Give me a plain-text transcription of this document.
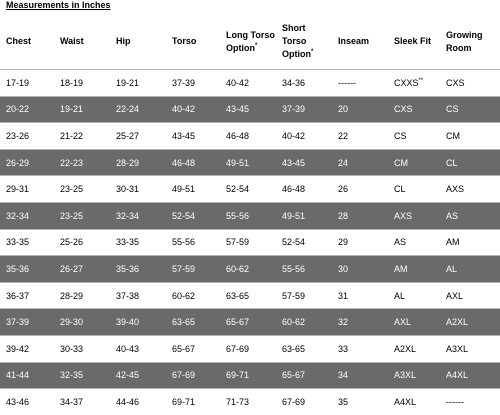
Measurements in Inches
Chest	Waist	Hip	Torso	Long Torso Option*	Short Torso Option*	Inseam	Sleek Fit	Growing Room
17-19	18-19	19-21	37-39	40-42	34-36	------	CXXS**	CXS
20-22	19-21	22-24	40-42	43-45	37-39	20	CXS	CS
23-26	21-22	25-27	43-45	46-48	40-42	22	CS	CM
26-29	22-23	28-29	46-48	49-51	43-45	24	CM	CL
29-31	23-25	30-31	49-51	52-54	46-48	26	CL	AXS
32-34	23-25	32-34	52-54	55-56	49-51	28	AXS	AS
33-35	25-26	33-35	55-56	57-59	52-54	29	AS	AM
35-36	26-27	35-36	57-59	60-62	55-56	30	AM	AL
36-37	28-29	37-38	60-62	63-65	57-59	31	AL	AXL
37-39	29-30	39-40	63-65	65-67	60-62	32	AXL	A2XL
39-42	30-33	40-43	65-67	67-69	63-65	33	A2XL	A3XL
41-44	32-35	42-45	67-69	69-71	65-67	34	A3XL	A4XL
43-46	34-37	44-46	69-71	71-73	67-69	35	A4XL	------
